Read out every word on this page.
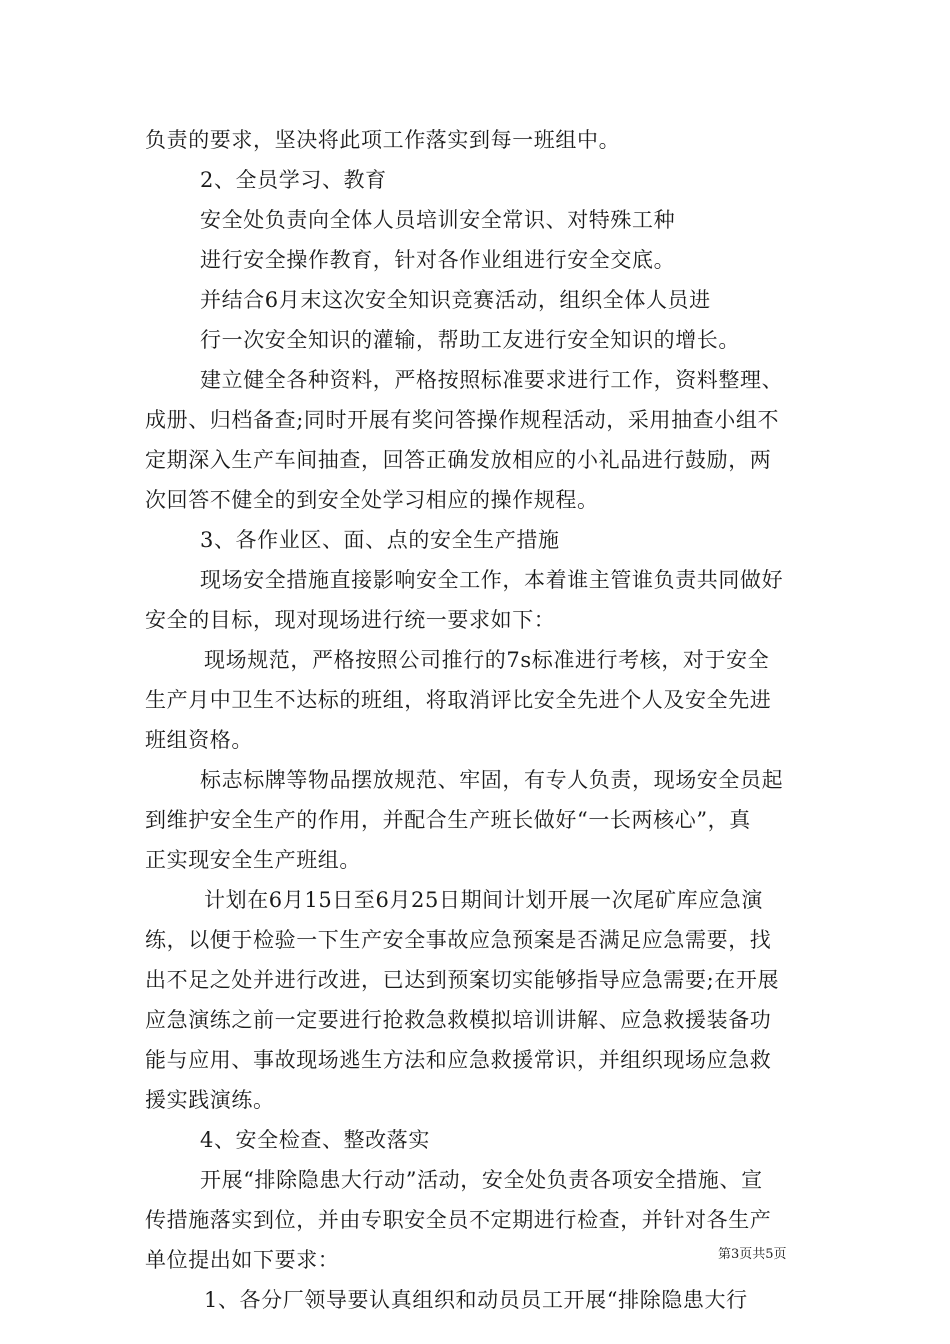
负责的要求，坚决将此项工作落实到每一班组中。
2、全员学习、教育
安全处负责向全体人员培训安全常识、对特殊工种
进行安全操作教育，针对各作业组进行安全交底。
并结合6月末这次安全知识竞赛活动，组织全体人员进
行一次安全知识的灌输，帮助工友进行安全知识的增长。
建立健全各种资料，严格按照标准要求进行工作，资料整理、
成册、归档备查;同时开展有奖问答操作规程活动，采用抽查小组不
定期深入生产车间抽查，回答正确发放相应的小礼品进行鼓励，两
次回答不健全的到安全处学习相应的操作规程。
3、各作业区、面、点的安全生产措施
现场安全措施直接影响安全工作，本着谁主管谁负责共同做好
安全的目标，现对现场进行统一要求如下：
现场规范，严格按照公司推行的7s标准进行考核，对于安全
生产月中卫生不达标的班组，将取消评比安全先进个人及安全先进
班组资格。
标志标牌等物品摆放规范、牢固，有专人负责，现场安全员起
到维护安全生产的作用，并配合生产班长做好“一长两核心”，真
正实现安全生产班组。
计划在6月15日至6月25日期间计划开展一次尾矿库应急演
练，以便于检验一下生产安全事故应急预案是否满足应急需要，找
出不足之处并进行改进，已达到预案切实能够指导应急需要;在开展
应急演练之前一定要进行抢救急救模拟培训讲解、应急救援装备功
能与应用、事故现场逃生方法和应急救援常识，并组织现场应急救
援实践演练。
4、安全检查、整改落实
开展“排除隐患大行动”活动，安全处负责各项安全措施、宣
传措施落实到位，并由专职安全员不定期进行检查，并针对各生产
单位提出如下要求：
1、各分厂领导要认真组织和动员员工开展“排除隐患大行
第3页共5页
